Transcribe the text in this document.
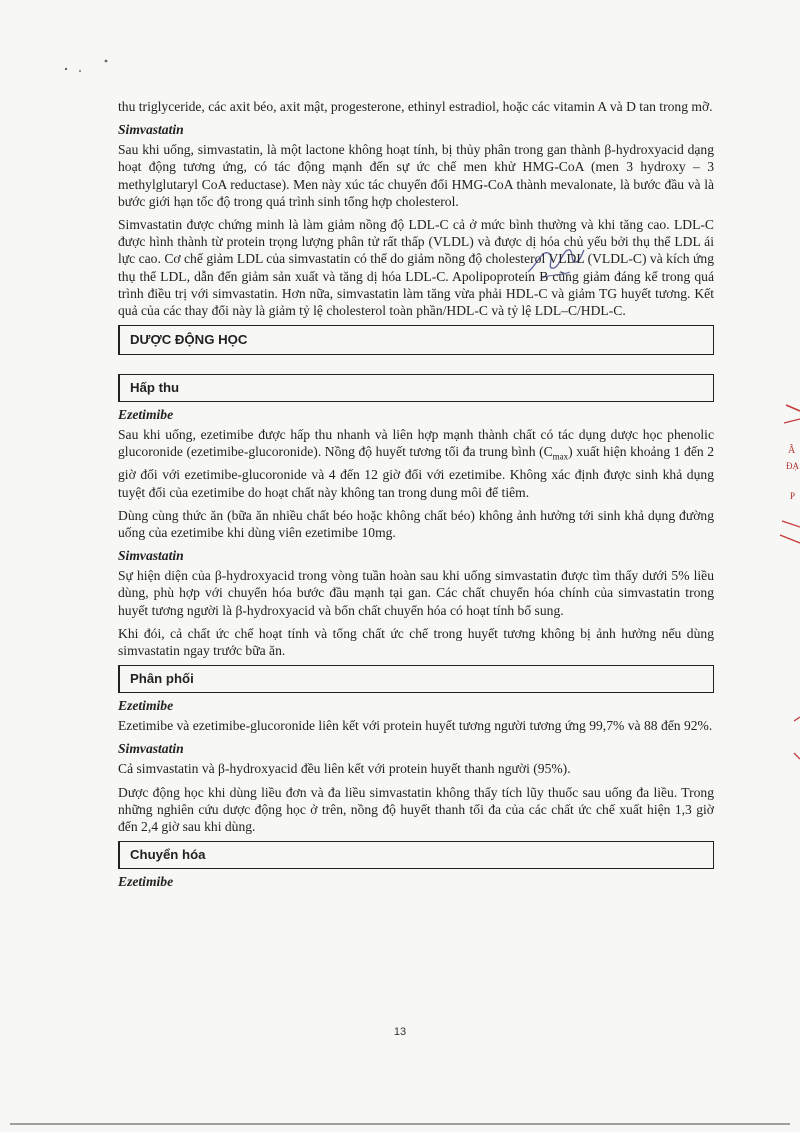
Ã
ĐẠ
P

thu triglyceride, các axit béo, axit mật, progesterone, ethinyl estradiol, hoặc các vitamin A và D tan trong mỡ.

Simvastatin

Sau khi uống, simvastatin, là một lactone không hoạt tính, bị thủy phân trong gan thành β-hydroxyacid dạng hoạt động tương ứng, có tác động mạnh đến sự ức chế men khử HMG-CoA (men 3 hydroxy – 3 methylglutaryl CoA reductase). Men này xúc tác chuyển đổi HMG-CoA thành mevalonate, là bước đầu và là bước giới hạn tốc độ trong quá trình sinh tổng hợp cholesterol.

Simvastatin được chứng minh là làm giảm nồng độ LDL-C cả ở mức bình thường và khi tăng cao. LDL-C được hình thành từ protein trọng lượng phân tử rất thấp (VLDL) và được dị hóa chủ yếu bởi thụ thể LDL ái lực cao. Cơ chế giảm LDL của simvastatin có thể do giảm nồng độ cholesterol VLDL (VLDL-C) và kích ứng thụ thể LDL, dẫn đến giảm sản xuất và tăng dị hóa LDL-C. Apolipoprotein B cũng giảm đáng kể trong quá trình điều trị với simvastatin. Hơn nữa, simvastatin làm tăng vừa phải HDL-C và giảm TG huyết tương. Kết quả của các thay đổi này là giảm tỷ lệ cholesterol toàn phần/HDL-C và tỷ lệ LDL–C/HDL-C.

DƯỢC ĐỘNG HỌC
Hấp thu
Ezetimibe

Sau khi uống, ezetimibe được hấp thu nhanh và liên hợp mạnh thành chất có tác dụng dược học phenolic glucoronide (ezetimibe-glucoronide). Nồng độ huyết tương tối đa trung bình $(C_{max})$ xuất hiện khoảng 1 đến 2 giờ đối với ezetimibe-glucoronide và 4 đến 12 giờ đối với ezetimibe. Không xác định được sinh khả dụng tuyệt đối của ezetimibe do hoạt chất này không tan trong dung môi để tiêm.

Dùng cùng thức ăn (bữa ăn nhiều chất béo hoặc không chất béo) không ảnh hưởng tới sinh khả dụng đường uống của ezetimibe khi dùng viên ezetimibe 10mg.

Simvastatin

Sự hiện diện của β-hydroxyacid trong vòng tuần hoàn sau khi uống simvastatin được tìm thấy dưới 5% liều dùng, phù hợp với chuyển hóa bước đầu mạnh tại gan. Các chất chuyển hóa chính của simvastatin trong huyết tương người là β-hydroxyacid và bốn chất chuyển hóa có hoạt tính bổ sung.

Khi đói, cả chất ức chế hoạt tính và tổng chất ức chế trong huyết tương không bị ảnh hưởng nếu dùng simvastatin ngay trước bữa ăn.

Phân phối
Ezetimibe

Ezetimibe và ezetimibe-glucoronide liên kết với protein huyết tương người tương ứng 99,7% và 88 đến 92%.

Simvastatin

Cả simvastatin và β-hydroxyacid đều liên kết với protein huyết thanh người (95%).

Dược động học khi dùng liều đơn và đa liều simvastatin không thấy tích lũy thuốc sau uống đa liều. Trong những nghiên cứu dược động học ở trên, nồng độ huyết thanh tối đa của các chất ức chế xuất hiện 1,3 giờ đến 2,4 giờ sau khi dùng.

Chuyển hóa
Ezetimibe
13
